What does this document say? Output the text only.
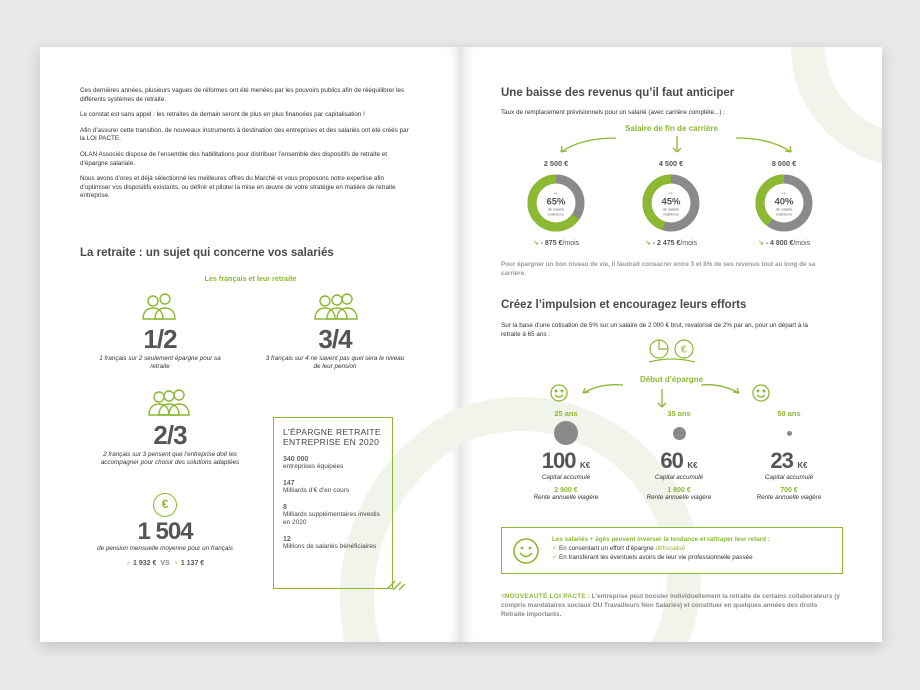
Ces dernières années, plusieurs vagues de réformes ont été menées par les pouvoirs publics afin de rééquilibrer les différents systèmes de retraite.

Le constat est sans appel : les retraites de demain seront de plus en plus financées par capitalisation !

Afin d’assurer cette transition, de nouveaux instruments à destination des entreprises et des salariés ont été créés par la LOI PACTE.

OLAN Associés dispose de l’ensemble des habilitations pour distribuer l’ensemble des dispositifs de retraite et d’épargne salariale.

Nous avons d’ores et déjà sélectionné les meilleures offres du Marché et vous proposons notre expertise afin d’optimiser vos dispositifs existants, ou définir et piloter la mise en œuvre de votre stratégie en matière de retraite entreprise.

La retraite : un sujet qui concerne vos salariés
Les français et leur retraite
1/2
1 français sur 2 seulement épargne pour sa retraite
3/4
3 français sur 4 ne savent pas quel sera le niveau de leur pension
2/3
2 français sur 3 pensent que l’entreprise doit les accompagner pour choisir des solutions adaptées
€
1 504
de pension mensuelle moyenne pour un français
♂ 1 932 € VS ♀ 1 137 €
L’ÉPARGNE RETRAITE ENTREPRISE EN 2020
340 000
entreprises équipées
147
Milliards d’€ d’en cours
8
Milliards supplémentaires investis en 2020
12
Millions de salariés bénéficiaires
Une baisse des revenus qu’il faut anticiper
Taux de remplacement prévisionnels pour un salarié (avec carrière complète...) :
Salaire de fin de carrière
2 500 €
+/-
65%
de salaire maintenu
↘ - 875 €/mois
4 500 €
+/-
45%
de salaire maintenu
↘ - 2 475 €/mois
8 000 €
+/-
40%
de salaire maintenu
↘ - 4 800 €/mois
Pour épargner un bon niveau de vie, il faudrait consacrer entre 3 et 8% de ses revenus tout au long de sa carrière.
Créez l’impulsion et encouragez leurs efforts
Sur la base d’une cotisation de 5% sur un salaire de 2 000 € brut, revalorisé de 2% par an, pour un départ à la retraite à 65 ans :
€
Début d’épargne
25 ans
100 K€
Capital accumulé
2 900 €
Rente annuelle viagère
35 ans
60 K€
Capital accumulé
1 800 €
Rente annuelle viagère
50 ans
23 K€
Capital accumulé
700 €
Rente annuelle viagère
Les salariés + âgés peuvent inverser la tendance et rattraper leur retard :
✓ En consentant un effort d’épargne défiscalisé
✓ En transférant les éventuels avoirs de leur vie professionnelle passée
≡NOUVEAUTÉ LOI PACTE : L’entreprise peut booster individuellement la retraite de certains collaborateurs (y compris mandataires sociaux OU Travailleurs Non Salariés) et constituer en quelques années des droits Retraite importants.
